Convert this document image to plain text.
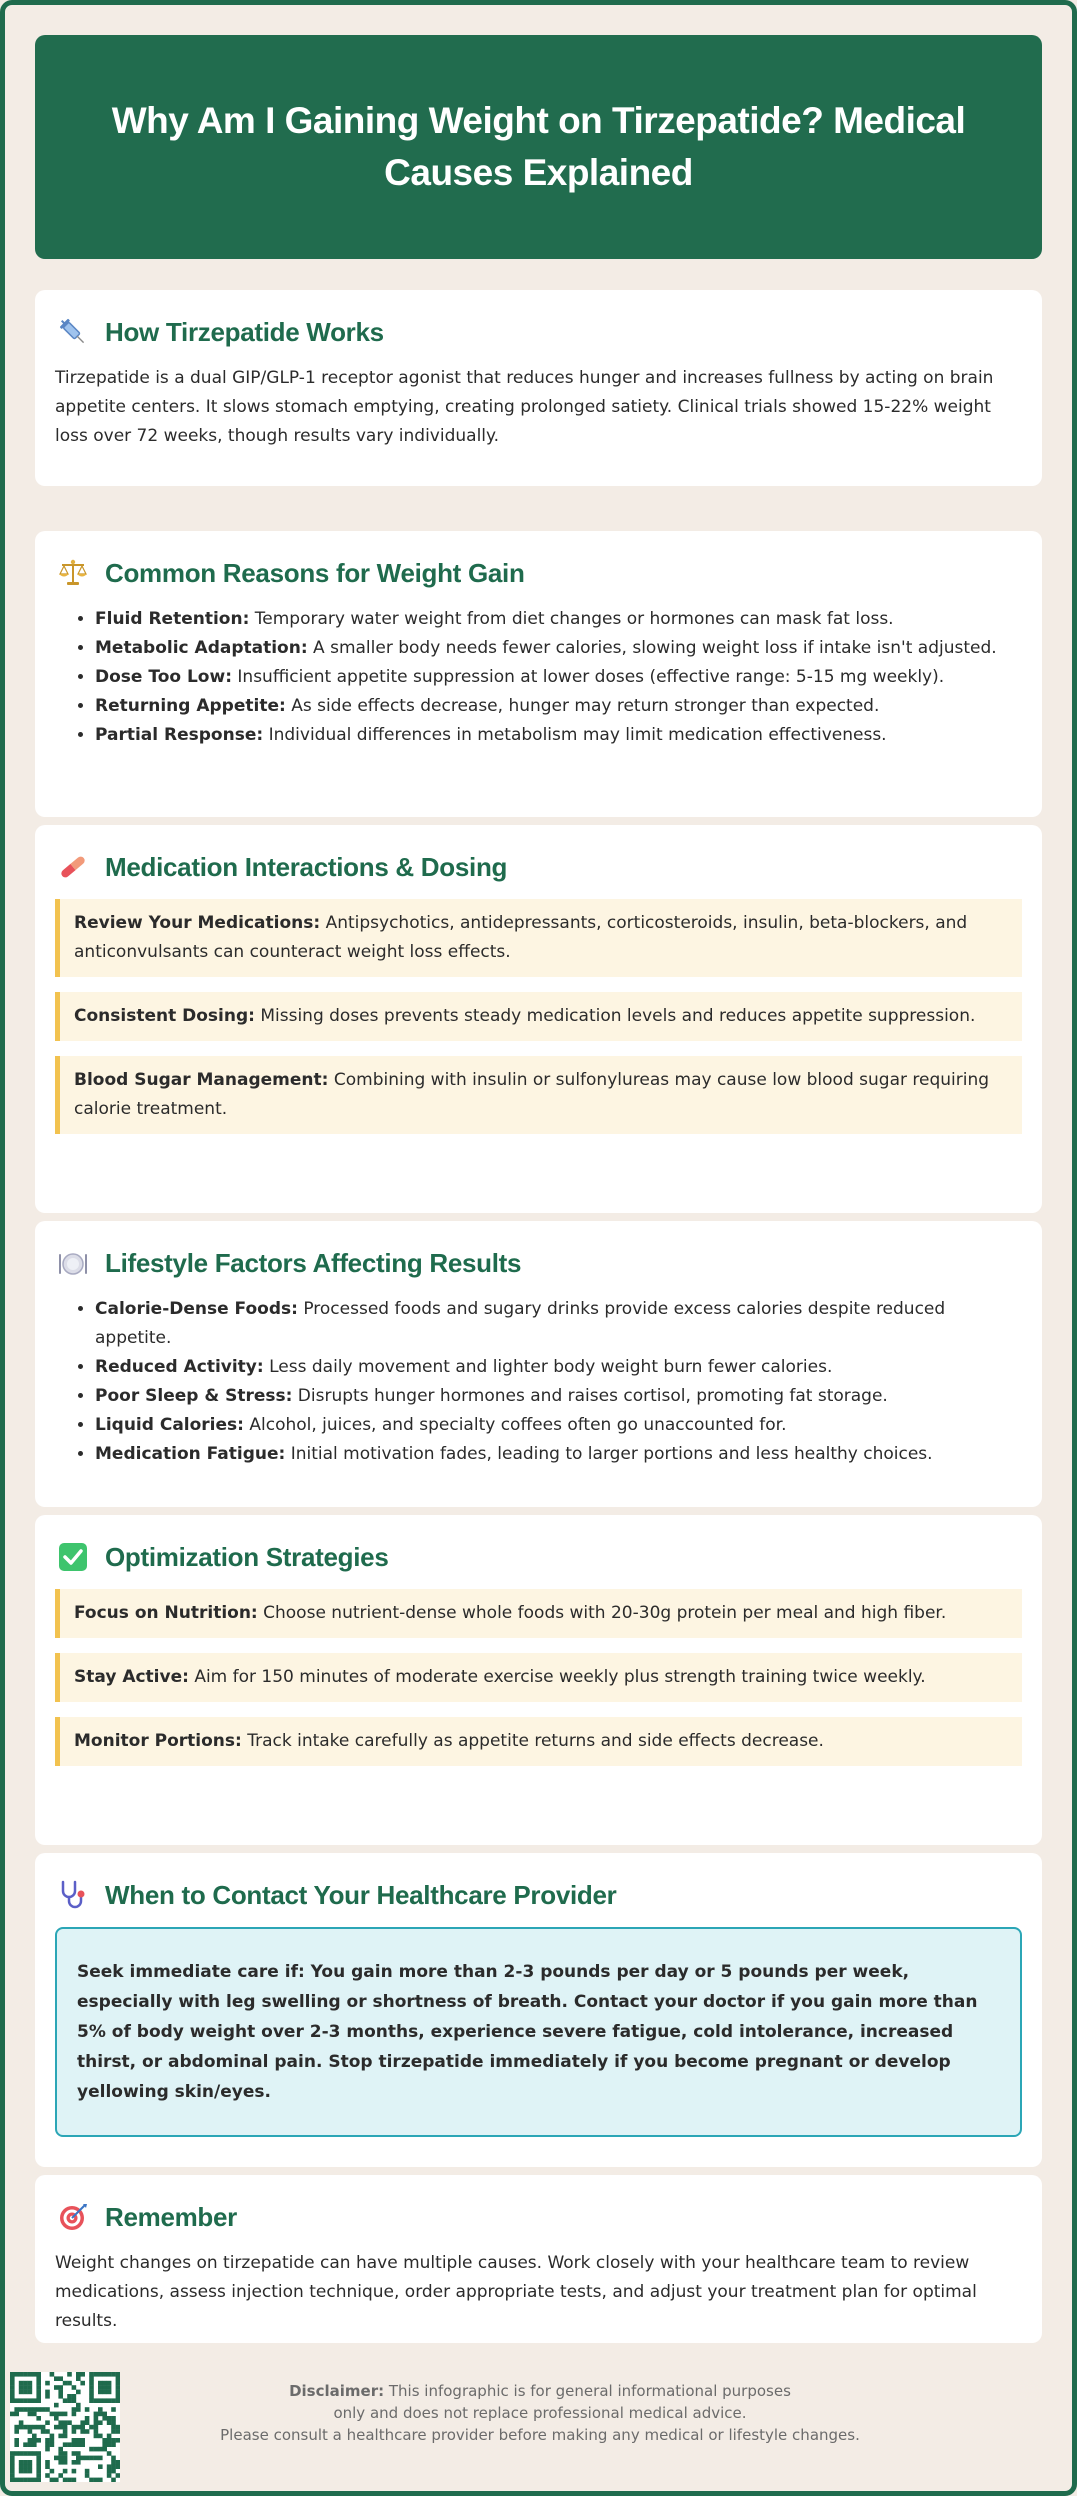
Why Am I Gaining Weight on Tirzepatide? Medical Causes Explained
How Tirzepatide Works

Tirzepatide is a dual GIP/GLP-1 receptor agonist that reduces hunger and increases fullness by acting on brain appetite centers. It slows stomach emptying, creating prolonged satiety. Clinical trials showed 15-22% weight loss over 72 weeks, though results vary individually.

Common Reasons for Weight Gain
• Fluid Retention: Temporary water weight from diet changes or hormones can mask fat loss.
• Metabolic Adaptation: A smaller body needs fewer calories, slowing weight loss if intake isn't adjusted.
• Dose Too Low: Insufficient appetite suppression at lower doses (effective range: 5-15 mg weekly).
• Returning Appetite: As side effects decrease, hunger may return stronger than expected.
• Partial Response: Individual differences in metabolism may limit medication effectiveness.
Medication Interactions & Dosing
Review Your Medications: Antipsychotics, antidepressants, corticosteroids, insulin, beta-blockers, and anticonvulsants can counteract weight loss effects.
Consistent Dosing: Missing doses prevents steady medication levels and reduces appetite suppression.
Blood Sugar Management: Combining with insulin or sulfonylureas may cause low blood sugar requiring calorie treatment.
Lifestyle Factors Affecting Results
• Calorie-Dense Foods: Processed foods and sugary drinks provide excess calories despite reduced appetite.
• Reduced Activity: Less daily movement and lighter body weight burn fewer calories.
• Poor Sleep & Stress: Disrupts hunger hormones and raises cortisol, promoting fat storage.
• Liquid Calories: Alcohol, juices, and specialty coffees often go unaccounted for.
• Medication Fatigue: Initial motivation fades, leading to larger portions and less healthy choices.
Optimization Strategies
Focus on Nutrition: Choose nutrient-dense whole foods with 20-30g protein per meal and high fiber.
Stay Active: Aim for 150 minutes of moderate exercise weekly plus strength training twice weekly.
Monitor Portions: Track intake carefully as appetite returns and side effects decrease.
When to Contact Your Healthcare Provider
Seek immediate care if: You gain more than 2-3 pounds per day or 5 pounds per week, especially with leg swelling or shortness of breath. Contact your doctor if you gain more than 5% of body weight over 2-3 months, experience severe fatigue, cold intolerance, increased thirst, or abdominal pain. Stop tirzepatide immediately if you become pregnant or develop yellowing skin/eyes.
Remember

Weight changes on tirzepatide can have multiple causes. Work closely with your healthcare team to review medications, assess injection technique, order appropriate tests, and adjust your treatment plan for optimal results.

Disclaimer: This infographic is for general informational purposes
only and does not replace professional medical advice.
Please consult a healthcare provider before making any medical or lifestyle changes.
